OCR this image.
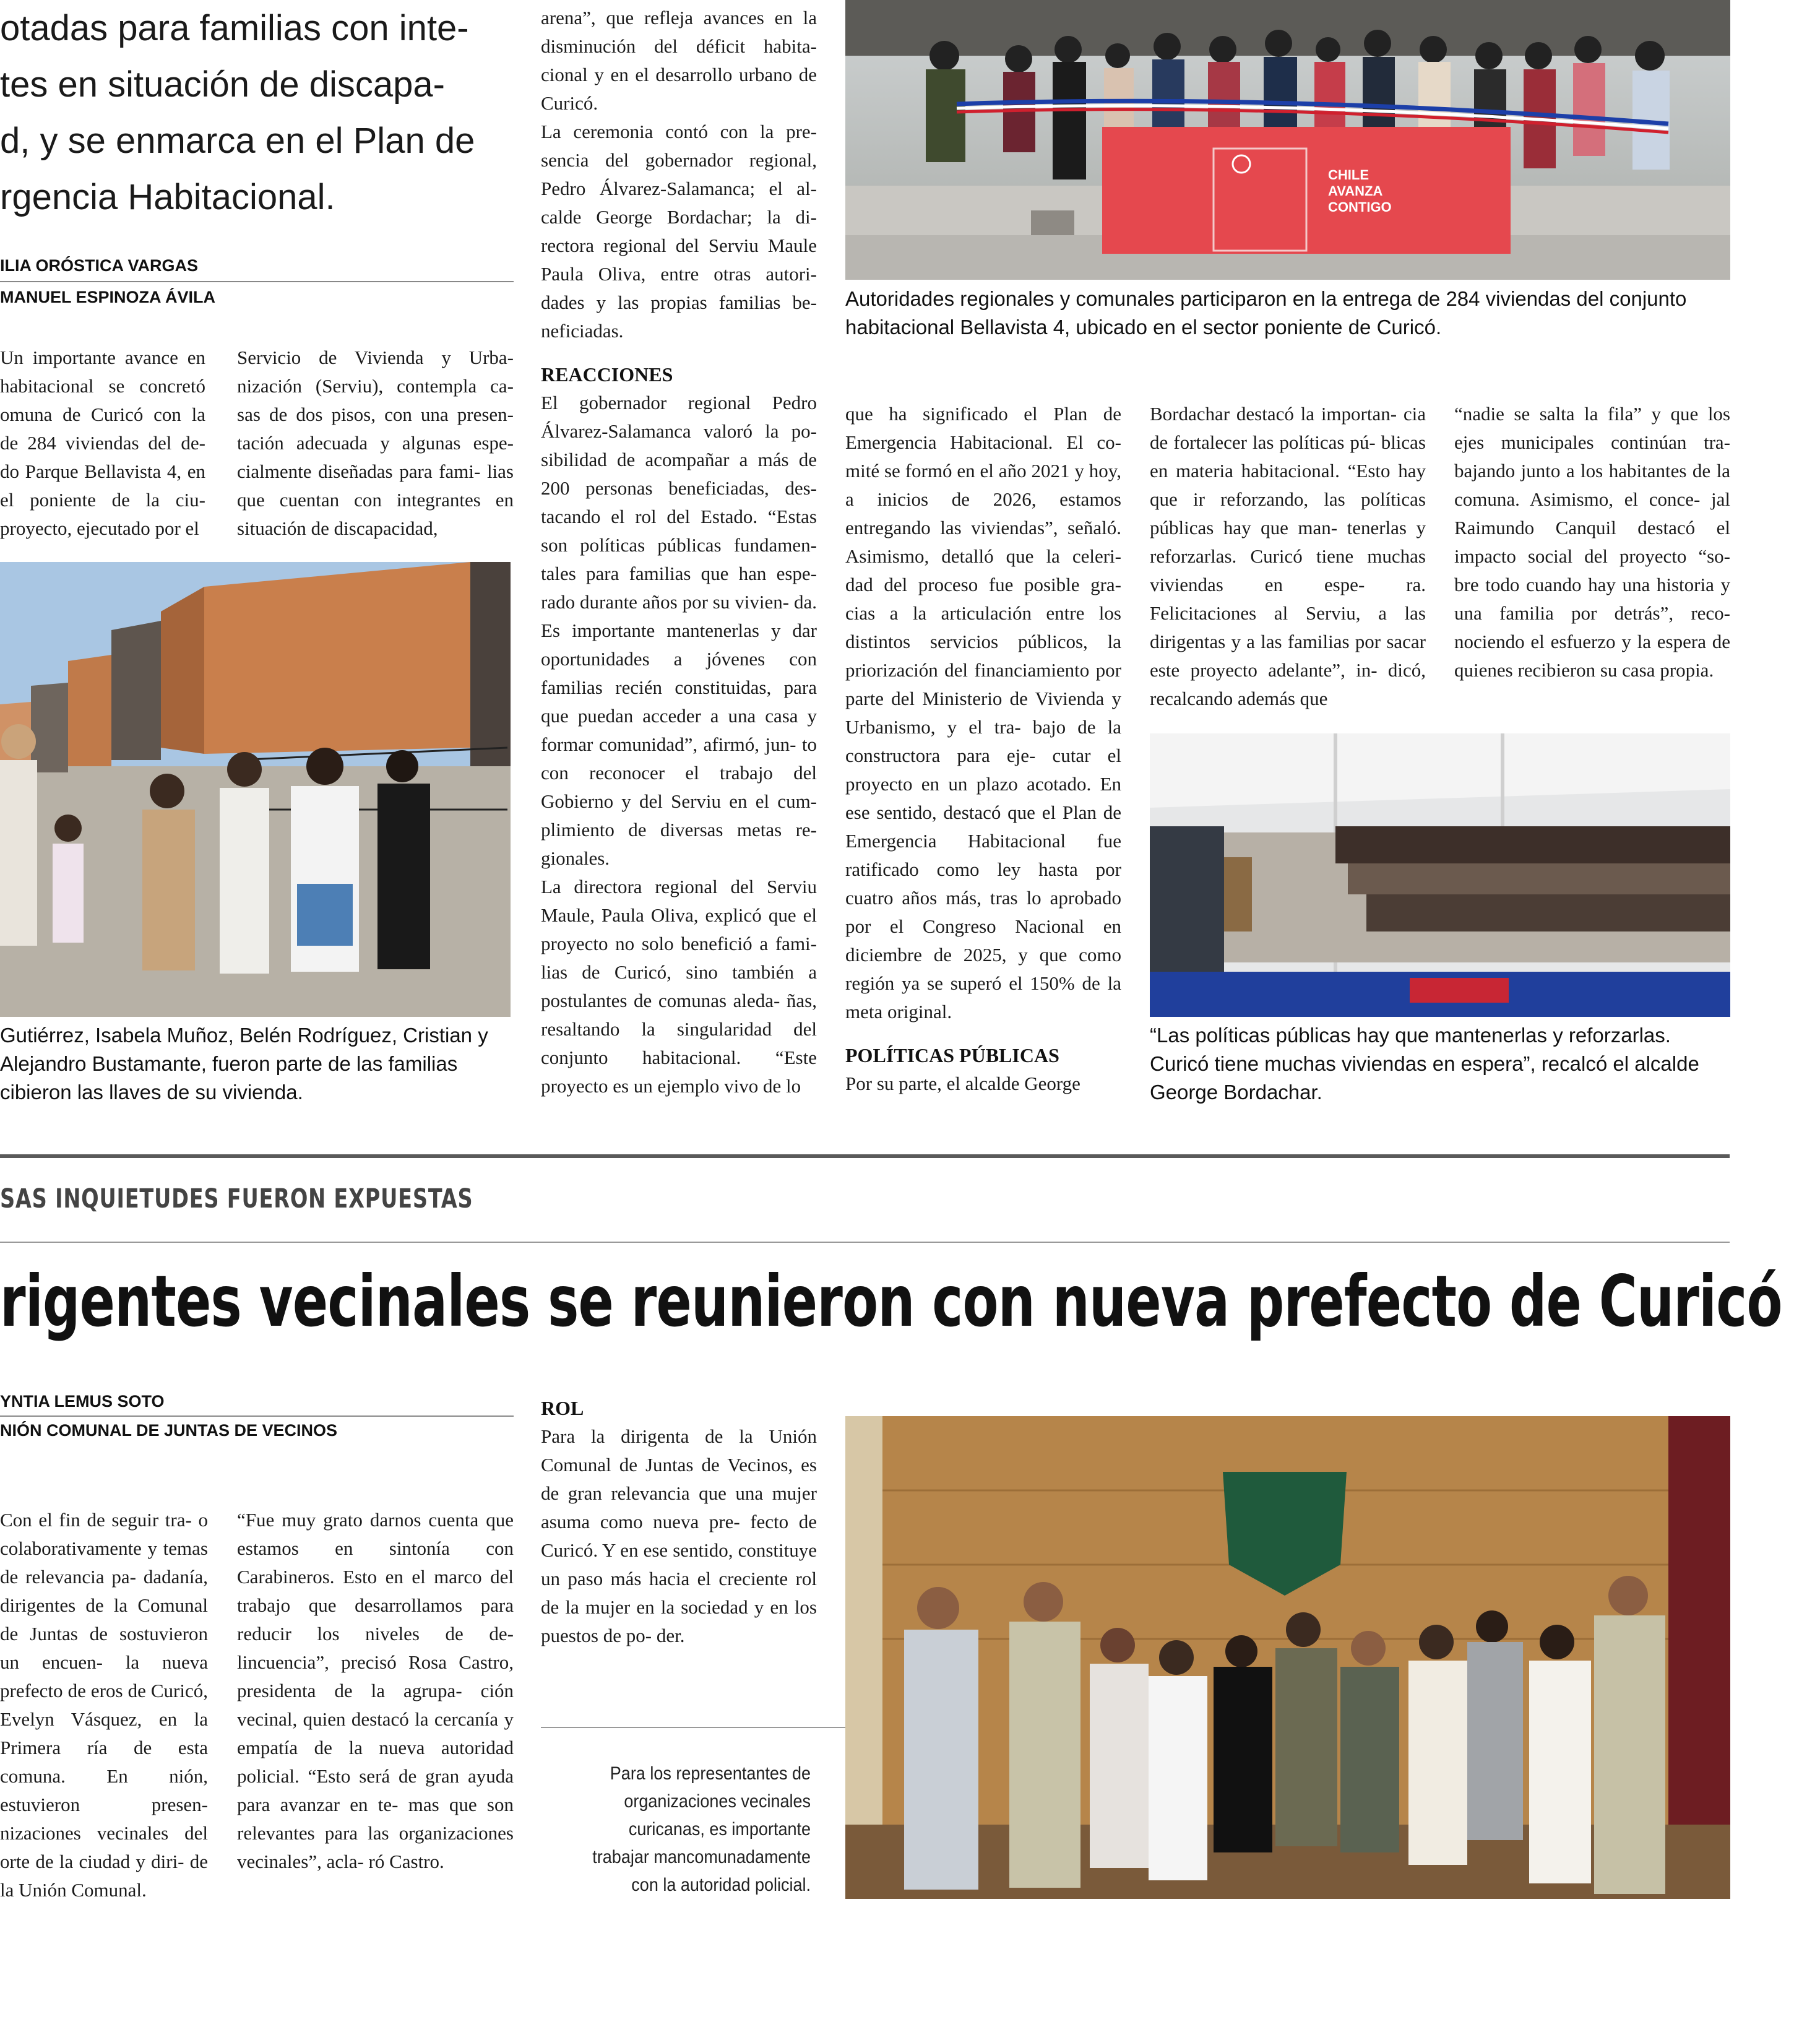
otadas para familias con inte-
tes en situación de discapa-
d, y se enmarca en el Plan de
rgencia Habitacional.
ILIA ORÓSTICA VARGAS
MANUEL ESPINOZA ÁVILA

Un importante avance en habitacional se concretó omuna de Curicó con la de 284 viviendas del de- do Parque Bellavista 4, en el poniente de la ciu- proyecto, ejecutado por el

Servicio de Vivienda y Urba- nización (Serviu), contempla ca- sas de dos pisos, con una presen- tación adecuada y algunas espe- cialmente diseñadas para fami- lias que cuentan con integrantes en situación de discapacidad,

arena”, que refleja avances en la disminución del déficit habita- cional y en el desarrollo urbano de Curicó.

La ceremonia contó con la pre- sencia del gobernador regional, Pedro Álvarez-Salamanca; el al- calde George Bordachar; la di- rectora regional del Serviu Maule Paula Oliva, entre otras autori- dades y las propias familias be- neficiadas.

REACCIONES

El gobernador regional Pedro Álvarez-Salamanca valoró la po- sibilidad de acompañar a más de 200 personas beneficiadas, des- tacando el rol del Estado. “Estas son políticas públicas fundamen- tales para familias que han espe- rado durante años por su vivien- da. Es importante mantenerlas y dar oportunidades a jóvenes con familias recién constituidas, para que puedan acceder a una casa y formar comunidad”, afirmó, jun- to con reconocer el trabajo del Gobierno y del Serviu en el cum- plimiento de diversas metas re- gionales.

La directora regional del Serviu Maule, Paula Oliva, explicó que el proyecto no solo benefició a fami- lias de Curicó, sino también a postulantes de comunas aleda- ñas, resaltando la singularidad del conjunto habitacional. “Este proyecto es un ejemplo vivo de lo

que ha significado el Plan de Emergencia Habitacional. El co- mité se formó en el año 2021 y hoy, a inicios de 2026, estamos entregando las viviendas”, señaló. Asimismo, detalló que la celeri- dad del proceso fue posible gra- cias a la articulación entre los distintos servicios públicos, la priorización del financiamiento por parte del Ministerio de Vivienda y Urbanismo, y el tra- bajo de la constructora para eje- cutar el proyecto en un plazo acotado. En ese sentido, destacó que el Plan de Emergencia Habitacional fue ratificado como ley hasta por cuatro años más, tras lo aprobado por el Congreso Nacional en diciembre de 2025, y que como región ya se superó el 150% de la meta original.

POLÍTICAS PÚBLICAS

Por su parte, el alcalde George

Bordachar destacó la importan- cia de fortalecer las políticas pú- blicas en materia habitacional. “Esto hay que ir reforzando, las políticas públicas hay que man- tenerlas y reforzarlas. Curicó tiene muchas viviendas en espe- ra. Felicitaciones al Serviu, a las dirigentas y a las familias por sacar este proyecto adelante”, in- dicó, recalcando además que

“nadie se salta la fila” y que los ejes municipales continúan tra- bajando junto a los habitantes de la comuna. Asimismo, el conce- jal Raimundo Canquil destacó el impacto social del proyecto “so- bre todo cuando hay una historia y una familia por detrás”, reco- nociendo el esfuerzo y la espera de quienes recibieron su casa propia.

CHILE
AVANZA
CONTIGO
Autoridades regionales y comunales participaron en la entrega de 284 viviendas del conjunto habitacional Bellavista 4, ubicado en el sector poniente de Curicó.
Gutiérrez, Isabela Muñoz, Belén Rodríguez, Cristian y Alejandro Bustamante, fueron parte de las familias cibieron las llaves de su vivienda.
“Las políticas públicas hay que mantenerlas y reforzarlas. Curicó tiene muchas viviendas en espera”, recalcó el alcalde George Bordachar.
SAS INQUIETUDES FUERON EXPUESTAS
rigentes vecinales se reunieron con nueva prefecto de Curicó
YNTIA LEMUS SOTO
NIÓN COMUNAL DE JUNTAS DE VECINOS

Con el fin de seguir tra- o colaborativamente y temas de relevancia pa- dadanía, dirigentes de la Comunal de Juntas de sostuvieron un encuen- la nueva prefecto de eros de Curicó, Evelyn Vásquez, en la Primera ría de esta comuna. En nión, estuvieron presen- nizaciones vecinales del orte de la ciudad y diri- de la Unión Comunal.

“Fue muy grato darnos cuenta que estamos en sintonía con Carabineros. Esto en el marco del trabajo que desarrollamos para reducir los niveles de de- lincuencia”, precisó Rosa Castro, presidenta de la agrupa- ción vecinal, quien destacó la cercanía y empatía de la nueva autoridad policial. “Esto será de gran ayuda para avanzar en te- mas que son relevantes para las organizaciones vecinales”, acla- ró Castro.

ROL

Para la dirigenta de la Unión Comunal de Juntas de Vecinos, es de gran relevancia que una mujer asuma como nueva pre- fecto de Curicó. Y en ese sentido, constituye un paso más hacia el creciente rol de la mujer en la sociedad y en los puestos de po- der.

Para los representantes de organizaciones vecinales curicanas, es importante trabajar mancomunadamente con la autoridad policial.
